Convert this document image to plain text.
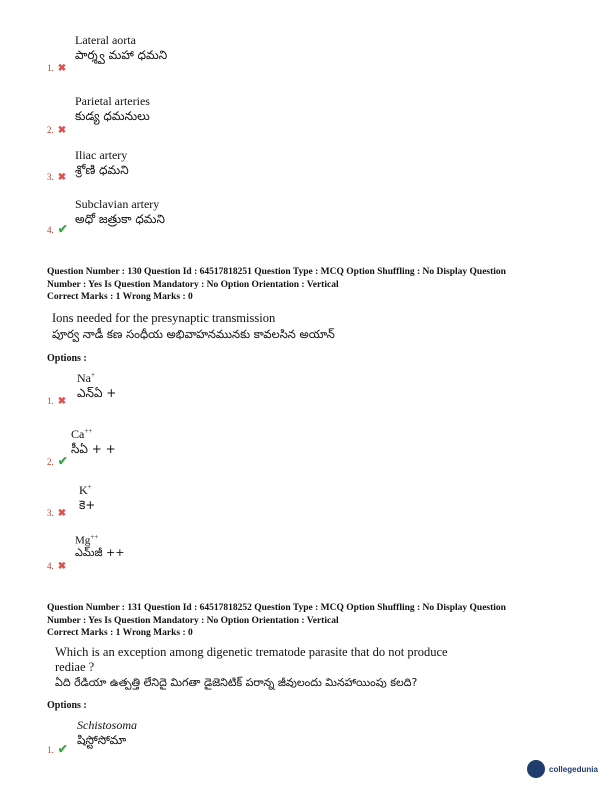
Lateral aorta
పార్శ్వ మహా ధమని
1. ✖
Parietal arteries
కుడ్య ధమనులు
2. ✖
Iliac artery
శ్రోణి ధమని
3. ✖
Subclavian artery
అధో జత్రుకా ధమని
4. ✔
Question Number : 130 Question Id : 64517818251 Question Type : MCQ Option Shuffling : No Display Question
Number : Yes Is Question Mandatory : No Option Orientation : Vertical
Correct Marks : 1 Wrong Marks : 0
Ions needed for the presynaptic transmission
పూర్వ నాడీ కణ సంధీయ అభివాహనమునకు కావలసిన అయాన్
Options :
Na+
ఎన్‌ఏ +
1. ✖
Ca++
సీఏ + +
2. ✔
K+
కె+
3. ✖
Mg++
ఎమ్‌జీ ++
4. ✖
Question Number : 131 Question Id : 64517818252 Question Type : MCQ Option Shuffling : No Display Question
Number : Yes Is Question Mandatory : No Option Orientation : Vertical
Correct Marks : 1 Wrong Marks : 0
Which is an exception among digenetic trematode parasite that do not produce
rediae ?
ఏది రేడియా ఉత్పత్తి లేనిదై మిగతా డైజెనిటిక్ పరాన్న జీవులందు మినహాయింపు కలది?
Options :
Schistosoma
షిస్టోసోమా
1. ✔
collegedunia
